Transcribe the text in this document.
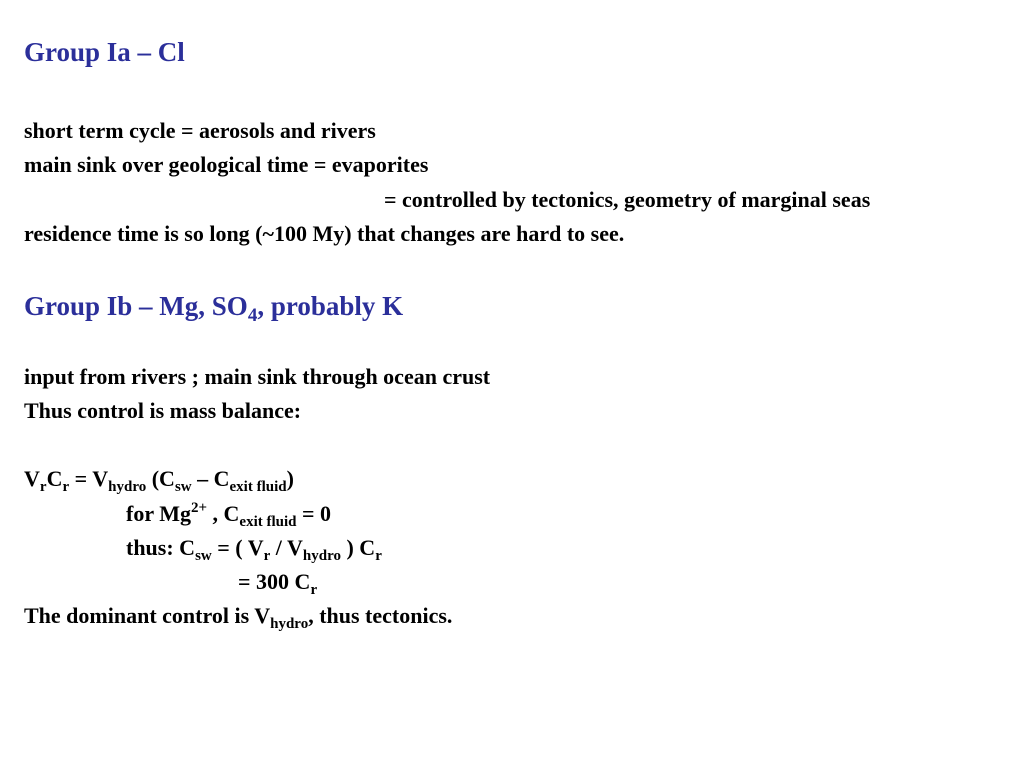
Group Ia – Cl
short term cycle = aerosols and rivers
main sink over geological time = evaporites
= controlled by tectonics, geometry of marginal seas
residence time is so long (~100 My) that changes are hard to see.
Group Ib – Mg, $SO_4$, probably K
input from rivers ; main sink through ocean crust
Thus control is mass balance:
$V_rC_r = V_{hydro}$ $(C_{sw} - C_{exit fluid})$
for $Mg^{2+}$ , $C_{exit fluid} = 0$
thus: $C_{sw}$ = ( $V_r / V_{hydro}$ ) $C_r$
= 300 $C_r$
The dominant control is $V_{hydro}$, thus tectonics.
